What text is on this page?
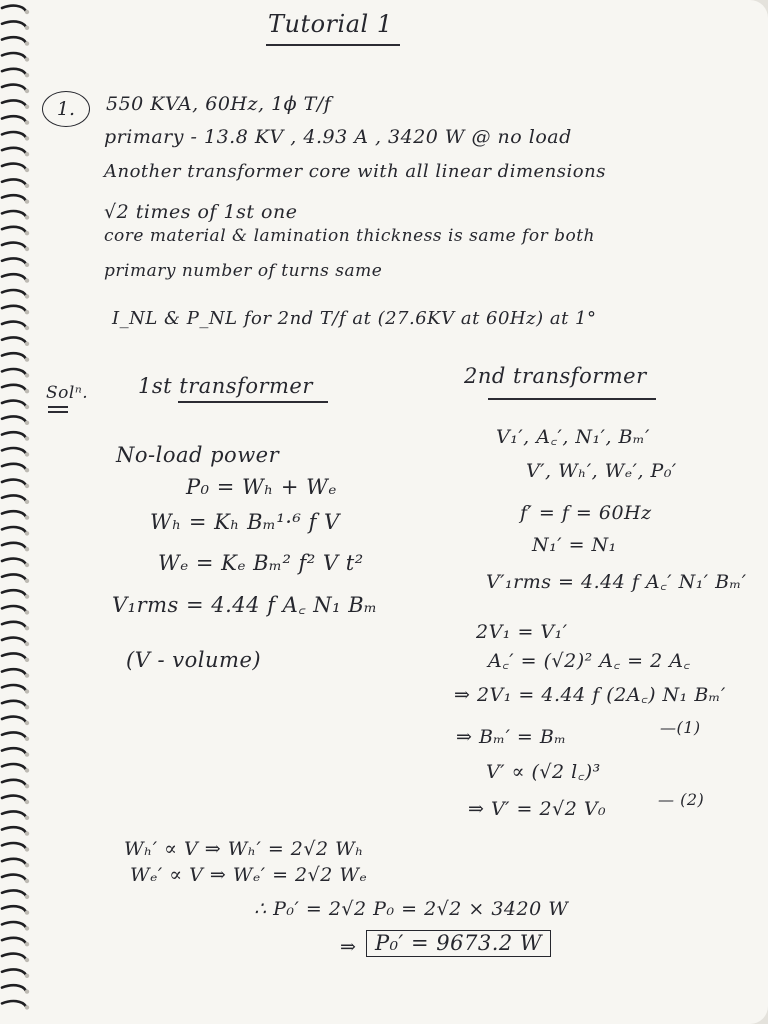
Tutorial 1
1.	550 KVA, 60Hz, 1ϕ T/f
primary - 13.8 KV , 4.93 A , 3420 W @ no load
Another transformer core with all linear dimensions
√2 times of 1st one
core material & lamination thickness is same for both
primary number of turns same
I_NL & P_NL for 2nd T/f at (27.6KV at 60Hz) at 1°
Solⁿ. 1st transformer	2nd transformer
No-load power
P₀ = Wₕ + Wₑ
Wₕ = Kₕ Bₘ¹·⁶ f V
Wₑ = Kₑ Bₘ² f² V t²
V₁rms = 4.44 f A꜀ N₁ Bₘ
(V - volume)
V₁′, A꜀′, N₁′, Bₘ′
V′, Wₕ′, Wₑ′, P₀′
f′ = f = 60Hz
N₁′ = N₁
V′₁rms = 4.44 f A꜀′ N₁′ Bₘ′
2V₁ = V₁′
A꜀′ = (√2)² A꜀ = 2 A꜀
⇒ 2V₁ = 4.44 f (2A꜀) N₁ Bₘ′
⇒ Bₘ′ = Bₘ	—(1)
V′ ∝ (√2 l꜀)³
⇒ V′ = 2√2 V₀	— (2)
Wₕ′ ∝ V ⇒ Wₕ′ = 2√2 Wₕ
Wₑ′ ∝ V ⇒ Wₑ′ = 2√2 Wₑ
∴ P₀′ = 2√2 P₀ = 2√2 × 3420 W
⇒ P₀′ = 9673.2 W
